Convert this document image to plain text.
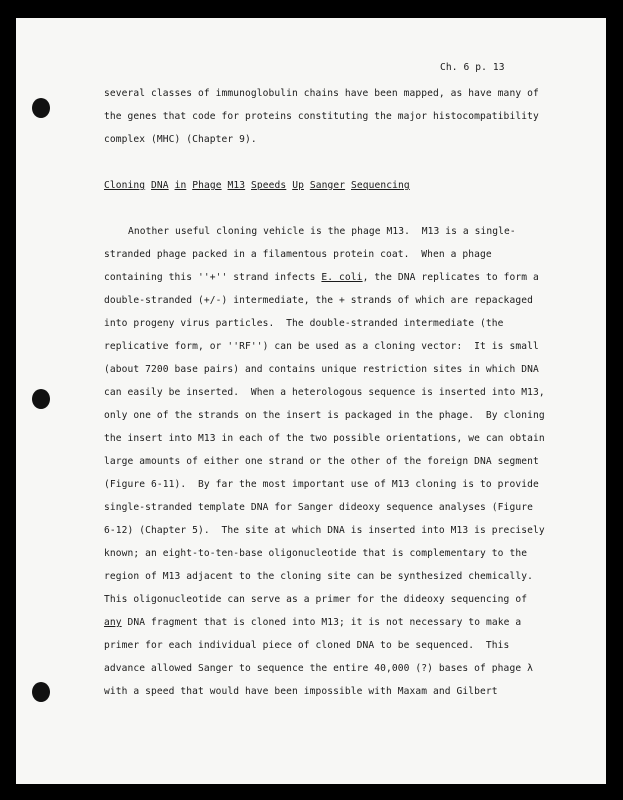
Ch. 6 p. 13
several classes of immunoglobulin chains have been mapped, as have many of
the genes that code for proteins constituting the major histocompatibility
complex (MHC) (Chapter 9).
Cloning DNA in Phage M13 Speeds Up Sanger Sequencing
Another useful cloning vehicle is the phage M13.  M13 is a single-
stranded phage packed in a filamentous protein coat.  When a phage
containing this ''+'' strand infects E. coli, the DNA replicates to form a
double-stranded (+/-) intermediate, the + strands of which are repackaged
into progeny virus particles.  The double-stranded intermediate (the
replicative form, or ''RF'') can be used as a cloning vector:  It is small
(about 7200 base pairs) and contains unique restriction sites in which DNA
can easily be inserted.  When a heterologous sequence is inserted into M13,
only one of the strands on the insert is packaged in the phage.  By cloning
the insert into M13 in each of the two possible orientations, we can obtain
large amounts of either one strand or the other of the foreign DNA segment
(Figure 6-11).  By far the most important use of M13 cloning is to provide
single-stranded template DNA for Sanger dideoxy sequence analyses (Figure
6-12) (Chapter 5).  The site at which DNA is inserted into M13 is precisely
known; an eight-to-ten-base oligonucleotide that is complementary to the
region of M13 adjacent to the cloning site can be synthesized chemically.
This oligonucleotide can serve as a primer for the dideoxy sequencing of
any DNA fragment that is cloned into M13; it is not necessary to make a
primer for each individual piece of cloned DNA to be sequenced.  This
advance allowed Sanger to sequence the entire 40,000 (?) bases of phage λ
with a speed that would have been impossible with Maxam and Gilbert
